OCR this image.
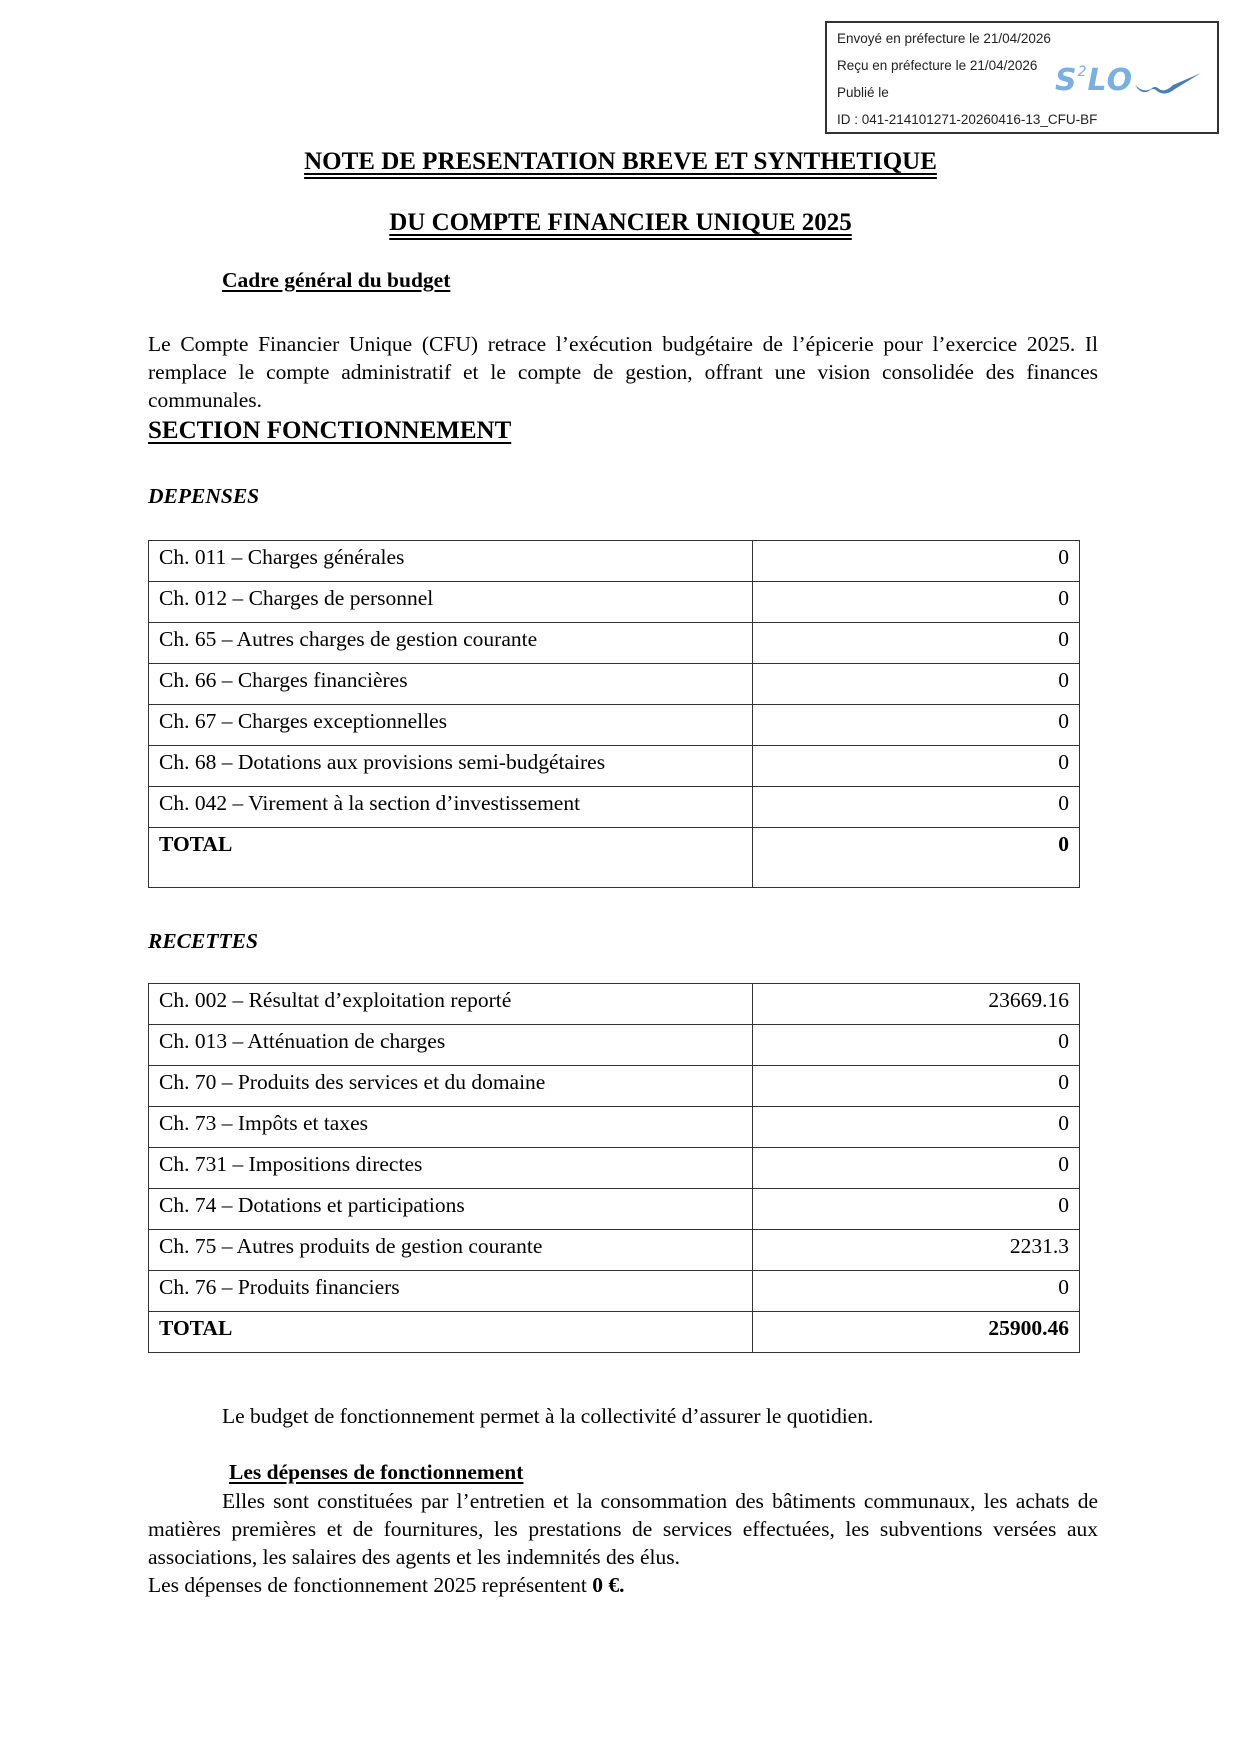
Envoyé en préfecture le 21/04/2026
Reçu en préfecture le 21/04/2026
Publié le
ID : 041-214101271-20260416-13_CFU-BF
$S^2LO$
NOTE DE PRESENTATION BREVE ET SYNTHETIQUE
DU COMPTE FINANCIER UNIQUE 2025
Cadre général du budget
Le Compte Financier Unique (CFU) retrace l’exécution budgétaire de l’épicerie pour l’exercice 2025. Il remplace le compte administratif et le compte de gestion, offrant une vision consolidée des finances communales.
SECTION FONCTIONNEMENT
DEPENSES
Ch. 011 – Charges générales	0
Ch. 012 – Charges de personnel	0
Ch. 65 – Autres charges de gestion courante	0
Ch. 66 – Charges financières	0
Ch. 67 – Charges exceptionnelles	0
Ch. 68 – Dotations aux provisions semi-budgétaires	0
Ch. 042 – Virement à la section d’investissement	0
TOTAL	0
RECETTES
Ch. 002 – Résultat d’exploitation reporté	23669.16
Ch. 013 – Atténuation de charges	0
Ch. 70 – Produits des services et du domaine	0
Ch. 73 – Impôts et taxes	0
Ch. 731 – Impositions directes	0
Ch. 74 – Dotations et participations	0
Ch. 75 – Autres produits de gestion courante	2231.3
Ch. 76 – Produits financiers	0
TOTAL	25900.46
Le budget de fonctionnement permet à la collectivité d’assurer le quotidien.
Les dépenses de fonctionnement
Elles sont constituées par l’entretien et la consommation des bâtiments communaux, les achats de matières premières et de fournitures, les prestations de services effectuées, les subventions versées aux associations, les salaires des agents et les indemnités des élus.
Les dépenses de fonctionnement 2025 représentent 0 €.
